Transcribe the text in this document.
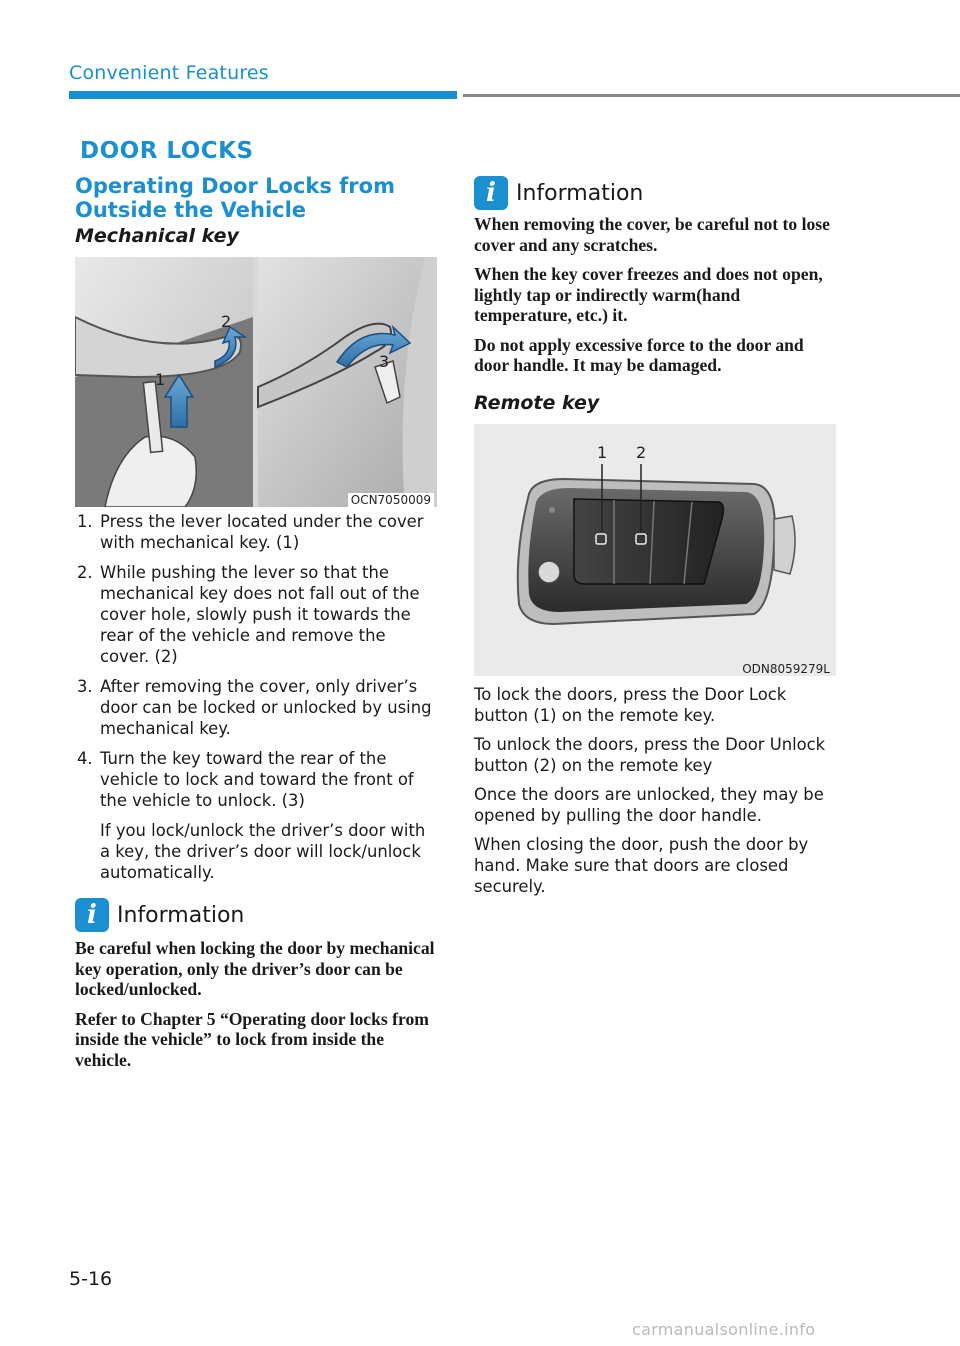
Convenient Features
DOOR LOCKS
Operating Door Locks from Outside the Vehicle
Mechanical key
1
2
3
OCN7050009
1. Press the lever located under the cover with mechanical key. (1)
2. While pushing the lever so that the mechanical key does not fall out of the cover hole, slowly push it towards the rear of the vehicle and remove the cover. (2)
3. After removing the cover, only driver’s door can be locked or unlocked by using mechanical key.
4. Turn the key toward the rear of the vehicle to lock and toward the front of the vehicle to unlock. (3)
If you lock/unlock the driver’s door with a key, the driver’s door will lock/unlock automatically.
i Information

Be careful when locking the door by mechanical key operation, only the driver’s door can be locked/unlocked.

Refer to Chapter 5 “Operating door locks from inside the vehicle” to lock from inside the vehicle.

i Information

When removing the cover, be careful not to lose cover and any scratches.

When the key cover freezes and does not open, lightly tap or indirectly warm(hand temperature, etc.) it.

Do not apply excessive force to the door and door handle. It may be damaged.

Remote key
1 2
ODN8059279L

To lock the doors, press the Door Lock button (1) on the remote key.

To unlock the doors, press the Door Unlock button (2) on the remote key

Once the doors are unlocked, they may be opened by pulling the door handle.

When closing the door, push the door by hand. Make sure that doors are closed securely.

5-16
carmanualsonline.info
